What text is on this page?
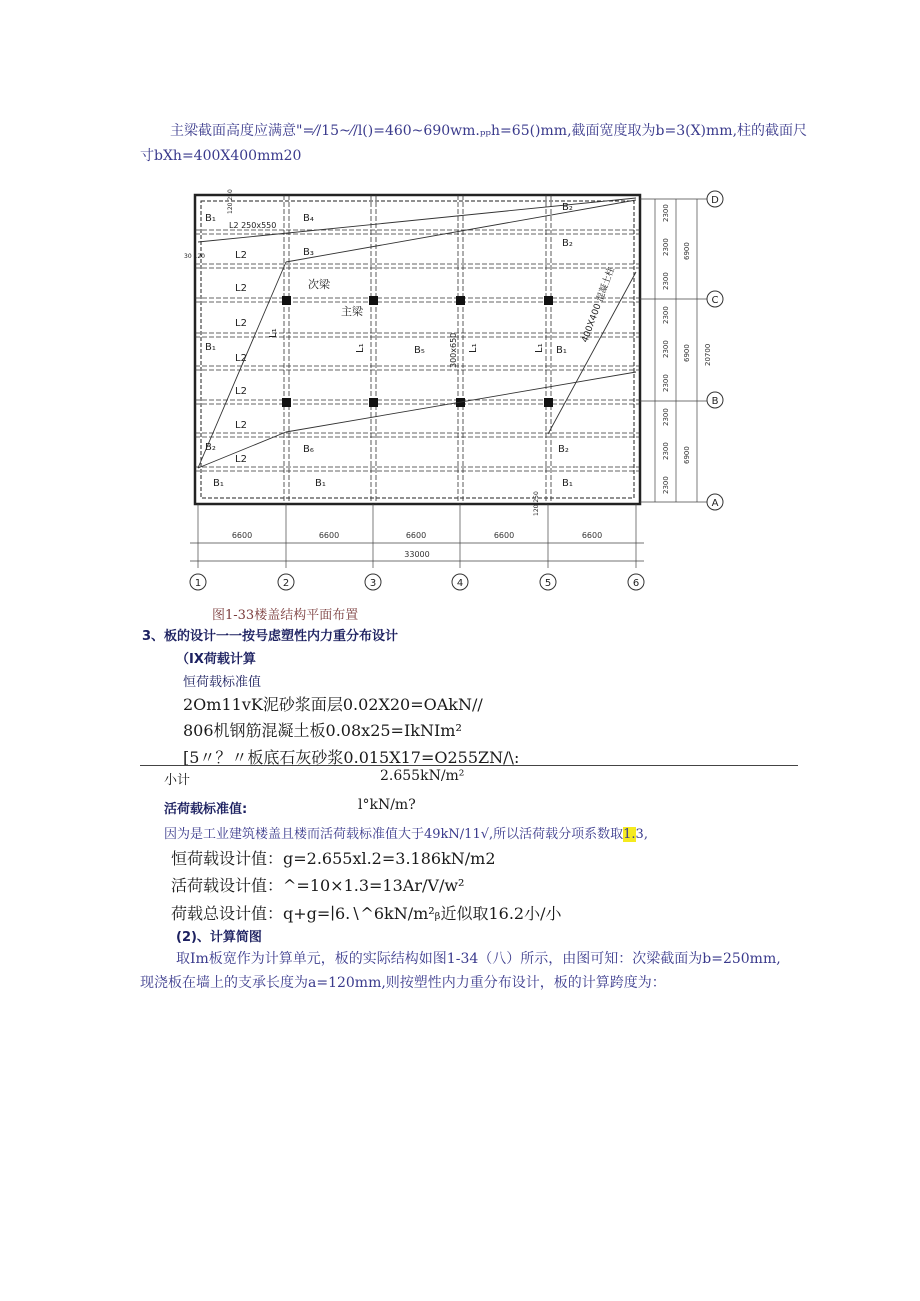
主梁截面高度应满意"=⁄/15~⁄/l()=460~690wm.ₚₚh=65()mm,截面宽度取为b=3(X)mm,柱的截面尺
寸bXh=400X400mm20
B₁	B₄
B₂
L2 250x550
B₃
B₂
L2
L2	次梁
主梁
L2
B₁
L2
B₅	B₁
L2
L2
B₂	B₆	B₂
L2
B₁	B₁	B₁
L₁
L₁	L₁	L₁
300x650
400X400 混凝土柱
120 250
30 120
120 250
6600	6600	6600	6600	6600
33000
1	2	3	4	5	6
2300
2300
2300
2300
2300
2300
2300
2300
2300
6900
6900
6900
20700
D
C
B
A
图1-33楼盖结构平面布置
3、板的设计一一按号虑塑性内力重分布设计
（IX荷载计算
恒荷载标准值
2Om11vK泥砂浆面层0.02X20=OAkN//
806机钢筋混凝土板0.08x25=IkNIm²
[5〃？〃板底石灰砂浆0.015X17=O255ZN/\:
小计	2.655kN/m²
活荷载标准值:	l°kN/m?
因为是工业建筑楼盖且楼而活荷载标准值大于49kN/11√,所以活荷载分项系数取1.3,
恒荷载设计值：g=2.655xl.2=3.186kN/m2
活荷载设计值：^=10×1.3=13Ar/V/w²
荷载总设计值：q+g=∣6.∖^6kN/m²ᵦ近似取16.2小/小
(2)、计算简图
取Im板宽作为计算单元，板的实际结构如图1-34（八）所示，由图可知：次梁截面为b=250mm,
现浇板在墙上的支承长度为a=120mm,则按塑性内力重分布设计，板的计算跨度为：
